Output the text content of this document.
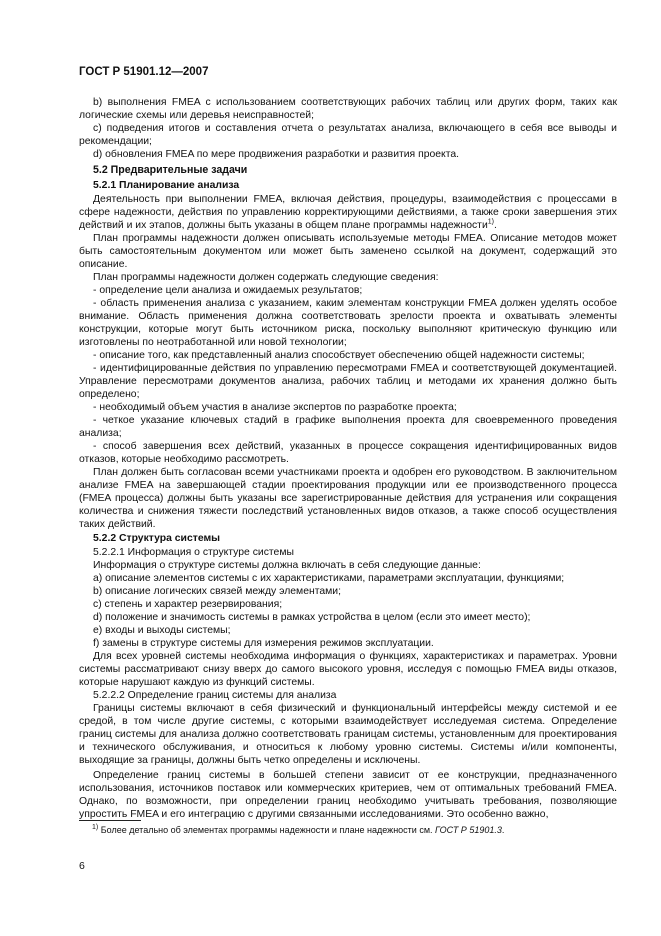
ГОСТ Р 51901.12—2007

b) выполнения FMEA с использованием соответствующих рабочих таблиц или других форм, таких как логические схемы или деревья неисправностей;

c) подведения итогов и составления отчета о результатах анализа, включающего в себя все выводы и рекомендации;

d) обновления FMEA по мере продвижения разработки и развития проекта.

5.2 Предварительные задачи
5.2.1 Планирование анализа

Деятельность при выполнении FMEA, включая действия, процедуры, взаимодействия с процессами в сфере надежности, действия по управлению корректирующими действиями, а также сроки завершения этих действий и их этапов, должны быть указаны в общем плане программы надежности$^{1)}$.

План программы надежности должен описывать используемые методы FMEA. Описание методов может быть самостоятельным документом или может быть заменено ссылкой на документ, содержащий это описание.

План программы надежности должен содержать следующие сведения:

- определение цели анализа и ожидаемых результатов;

- область применения анализа с указанием, каким элементам конструкции FMEA должен уделять особое внимание. Область применения должна соответствовать зрелости проекта и охватывать элементы конструкции, которые могут быть источником риска, поскольку выполняют критическую функцию или изготовлены по неотработанной или новой технологии;

- описание того, как представленный анализ способствует обеспечению общей надежности системы;

- идентифицированные действия по управлению пересмотрами FMEA и соответствующей документацией. Управление пересмотрами документов анализа, рабочих таблиц и методами их хранения должно быть определено;

- необходимый объем участия в анализе экспертов по разработке проекта;

- четкое указание ключевых стадий в графике выполнения проекта для своевременного проведения анализа;

- способ завершения всех действий, указанных в процессе сокращения идентифицированных видов отказов, которые необходимо рассмотреть.

План должен быть согласован всеми участниками проекта и одобрен его руководством. В заключительном анализе FMEA на завершающей стадии проектирования продукции или ее производственного процесса (FMEA процесса) должны быть указаны все зарегистрированные действия для устранения или сокращения количества и снижения тяжести последствий установленных видов отказов, а также способ осуществления таких действий.

5.2.2 Структура системы

5.2.2.1 Информация о структуре системы

Информация о структуре системы должна включать в себя следующие данные:

a) описание элементов системы с их характеристиками, параметрами эксплуатации, функциями;

b) описание логических связей между элементами;

c) степень и характер резервирования;

d) положение и значимость системы в рамках устройства в целом (если это имеет место);

e) входы и выходы системы;

f) замены в структуре системы для измерения режимов эксплуатации.

Для всех уровней системы необходима информация о функциях, характеристиках и параметрах. Уровни системы рассматривают снизу вверх до самого высокого уровня, исследуя с помощью FMEA виды отказов, которые нарушают каждую из функций системы.

5.2.2.2 Определение границ системы для анализа

Границы системы включают в себя физический и функциональный интерфейсы между системой и ее средой, в том числе другие системы, с которыми взаимодействует исследуемая система. Определение границ системы для анализа должно соответствовать границам системы, установленным для проектирования и технического обслуживания, и относиться к любому уровню системы. Системы и/или компоненты, выходящие за границы, должны быть четко определены и исключены.

Определение границ системы в большей степени зависит от ее конструкции, предназначенного использования, источников поставок или коммерческих критериев, чем от оптимальных требований FMEA. Однако, по возможности, при определении границ необходимо учитывать требования, позволяющие упростить FMEA и его интеграцию с другими связанными исследованиями. Это особенно важно,

$^{1)}$ Более детально об элементах программы надежности и плане надежности см. ГОСТ Р 51901.3.
6
